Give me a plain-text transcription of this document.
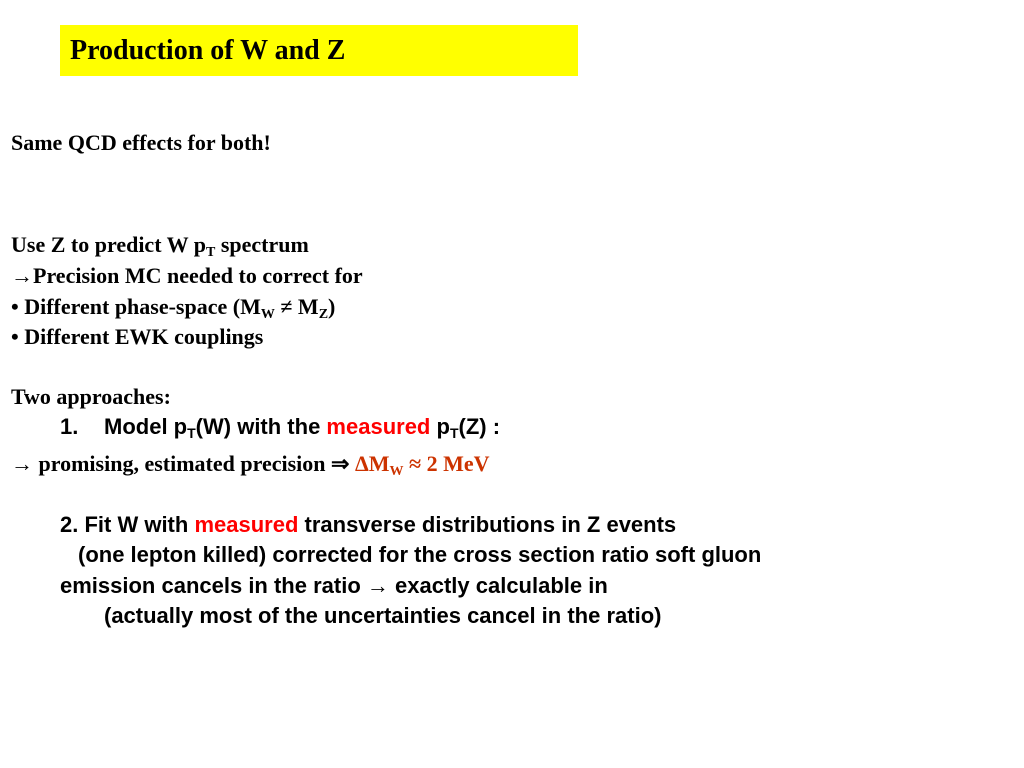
Production of W and Z
Same QCD effects for both!
Use Z to predict W $p_T$ spectrum
→Precision MC needed to correct for
• Different phase-space $(M_W \ne M_Z)$
• Different EWK couplings
Two approaches:
1. Model $p_T(W)$ with the measured $p_T(Z)$ :
→ promising, estimated precision ⇒ $\Delta M_W \approx 2$ MeV
2. Fit W with measured transverse distributions in Z events
(one lepton killed) corrected for the cross section ratio soft gluon
emission cancels in the ratio → exactly calculable in
(actually most of the uncertainties cancel in the ratio)
